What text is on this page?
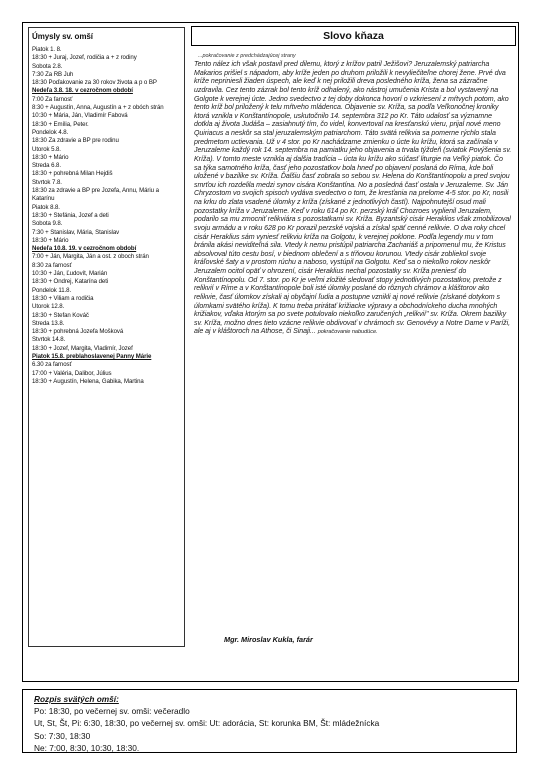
Úmysly sv. omší
Piatok 1. 8.
18:30 + Juraj, Jozef, rodičia a + z rodiny
Sobota 2.8.
7:30 Za RB Juh
18:30 Poďakovanie za 30 rokov života a p o BP
Nedeľa 3.8. 18. v cezročnom období
7:00 Za farnosť
8:30 + Augustín, Anna, Augustín a + z obóch strán
10:30 + Mária, Ján, Vladimír Fabová
18:30 + Emília, Peter.
Pondelok 4.8.
18:30 Za zdravie a BP pre rodinu
Utorok 5.8.
18:30 + Mário
Streda 6.8.
18:30 + pohrebná Milan Hejdiš
Štvrtok 7.8.
18:30 za zdravie a BP pre Jozefa, Annu, Máriu a Katarínu
Piatok 8.8.
18:30 + Štefánia, Jozef a deti
Sobota 9.8.
7:30 + Stanislav, Mária, Stanislav
18:30 + Mário
Nedeľa 10.8. 19. v cezročnom období
7:00 + Ján, Margita, Ján a ost. z oboch strán
8:30 za farnosť
10:30 + Ján, Ľudovít, Marián
18:30 + Ondrej, Katarína deti
Pondelok 11.8.
18:30 + Viliam a rodičia
Utorok 12.8.
18:30 + Štefan Kováč
Streda 13.8.
18:30 + pohrebná Jozefa Mošková
Štvrtok 14.8.
18:30 + Jozef, Margita, Vladimír, Jozef
Piatok 15.8. preblahoslavenej Panny Márie
6.30 za farnosť
17:00 + Valéria, Dalibor, Július
18:30 + Augustín, Helena, Gabika, Martina
Slovo kňaza
...pokračovanie z predchádzajúcej strany

Tento nález ich však postavil pred dilemu, ktorý z krížov patril Ježišovi? Jeruzalemský patriarcha Makarios prišiel s nápadom, aby kríže jeden po druhom priložili k nevyliečiteľne chorej žene. Prvé dva kríže nepriniesli žiaden úspech, ale keď k nej priložili dreva posledného kríža, žena sa zázračne uzdravila. Cez tento zázrak bol tento kríž odhalený, ako nástroj umučenia Krista a bol vystavený na Golgote k verejnej úcte. Jedno svedectvo z tej doby dokonca hovorí o vzkriesení z mŕtvych potom, ako tento kríž bol priložený k telu mŕtveho mládenca. Objavenie sv. Kríža, sa podľa Veľkonočnej kroniky ktorá vznikla v Konštantínopole, uskutočnilo 14. septembra 312 po Kr. Táto udalosť sa významne dotkla aj života Judáša – zasiahnutý tím, čo videl, konvertoval na kresťanskú vieru, prijal nové meno Quiriacus a neskôr sa stal jeruzalemským patriarchom. Táto svätá relikvia sa pomerne rýchlo stala predmetom uctievania. Už v 4 stor. po Kr nachádzame zmienku o úcte ku krížu, ktorá sa začínala v Jeruzaleme každý rok 14. septembra na pamiatku jeho objavenia a trvala týždeň (sviatok Povýšenia sv. Kríža). V tomto meste vznikla aj dalšia tradícia – úcta ku krížu ako súčasť liturgie na Veľký piatok. Čo sa týka samotného kríža, časť jeho pozostatkov bola hneď po objavení poslaná do Ríma, kde boli uložené v bazilike sv. Kríža. Ďalšiu časť zobrala so sebou sv. Helena do Konštantínopolu a pred svojou smrťou ich rozdelila medzi synov cisára Konštantína. No a posledná časť ostala v Jeruzaleme. Sv. Ján Chryzostom vo svojich spisoch vydáva svedectvo o tom, že kresťania na prelome 4-5 stor. po Kr, nosili na krku do zlata vsadené úlomky z kríža (získané z jednotlivých častí). Najpohnutejší osud mali pozostatky kríža v Jeruzaleme. Keď v roku 614 po Kr. perzský kráľ Chozroes vyplienil Jeruzalem, podarilo sa mu zmocniť relikviára s pozostatkami sv. Kríža. Byzantský cisár Heraklios však zmobilizoval svoju armádu a v roku 628 po Kr porazil perzské vojská a získal späť cenné relikvie. O dva roky chcel cisár Heraklius sám vyniesť relikviu kríža na Golgotu, k verejnej poklone. Podľa legendy mu v tom bránila akási neviditeľná sila. Vtedy k nemu pristúpil patriarcha Zachariáš a pripomenul mu, že Kristus absolvoval túto cestu bosí, v biednom oblečení a s tŕňovou korunou. Vtedy cisár zobliekol svoje kráľovské šaty a v prostom rúchu a naboso, vystúpil na Golgotu. Keď sa o niekoľko rokov neskôr Jeruzalem ocitol opäť v ohrození, cisár Heraklius nechal pozostatky sv. Kríža preniesť do Konštantínopolu. Od 7. stor. po Kr je veľmi zložité sledovať stopy jednotlivých pozostatkov, pretože z relikvií v Ríme a v Konštantínopole boli isté úlomky poslané do rôznych chrámov a kláštorov ako relikvie, časť úlomkov získali aj obyčajní ľudia a postupne vznikli aj nové relikvie (získané dotykom s úlomkami svätého kríža). K tomu treba prirátať križiacke výpravy a obchodníckeho ducha mnohých križiakov, vďaka ktorým sa po svete potulovalo niekoľko zaručených „relikvií" sv. Kríža. Okrem baziliky sv. Kríža, možno dnes tieto vzácne relikvie obdivovať v chrámoch sv. Genovévy a Notre Dame v Paríži, ale aj v kláštoroch na Athose, či Sinaji... pokračovanie nabudúce.

Mgr. Miroslav Kukla, farár
Rozpis svätých omší:
Po: 18:30, po večernej sv. omši: večeradlo
Ut, St, Št, Pi: 6:30, 18:30, po večernej sv. omši: Ut: adorácia, St: korunka BM, Št: mládežnícka
So: 7:30, 18:30
Ne: 7:00, 8:30, 10:30, 18:30.
